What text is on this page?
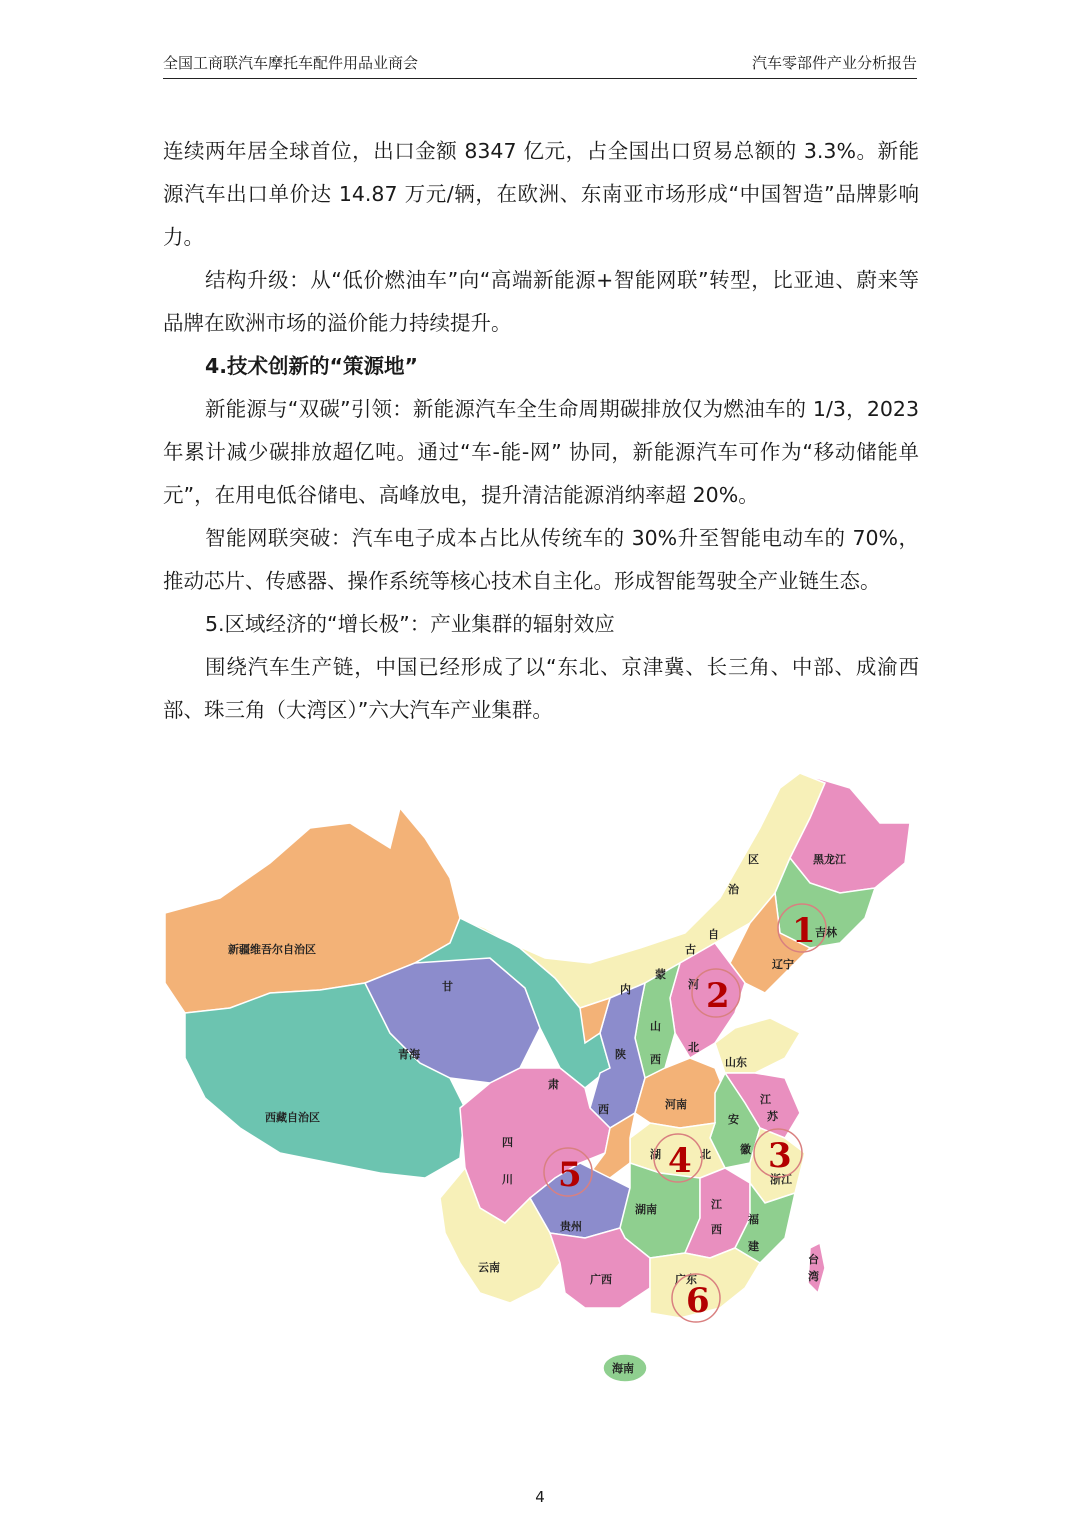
全国工商联汽车摩托车配件用品业商会	汽车零部件产业分析报告

连续两年居全球首位，出口金额 8347 亿元，占全国出口贸易总额的 3.3%。新能源汽车出口单价达 14.87 万元/辆，在欧洲、东南亚市场形成“中国智造”品牌影响力。

结构升级：从“低价燃油车”向“高端新能源+智能网联”转型，比亚迪、蔚来等品牌在欧洲市场的溢价能力持续提升。

4.技术创新的“策源地”

新能源与“双碳”引领：新能源汽车全生命周期碳排放仅为燃油车的 1/3，2023 年累计减少碳排放超亿吨。通过“车-能-网” 协同，新能源汽车可作为“移动储能单元”，在用电低谷储电、高峰放电，提升清洁能源消纳率超 20%。

智能网联突破：汽车电子成本占比从传统车的 30%升至智能电动车的 70%，推动芯片、传感器、操作系统等核心技术自主化。形成智能驾驶全产业链生态。

5.区域经济的“增长极”：产业集群的辐射效应

围绕汽车生产链，中国已经形成了以“东北、京津冀、长三角、中部、成渝西部、珠三角（大湾区）”六大汽车产业集群。

新疆维吾尔自治区
西藏自治区
青海
甘
肃
内
蒙
古
自
治
区	黑龙江
吉林
辽宁
河
北
山
西
陕
西
山东
河南	江
苏
安
徽
浙江
湖	北
四
川
贵州
湖南	江
西
福
建
云南
广西	广东
海南
台
湾
1
2
3
4
5
6
4
